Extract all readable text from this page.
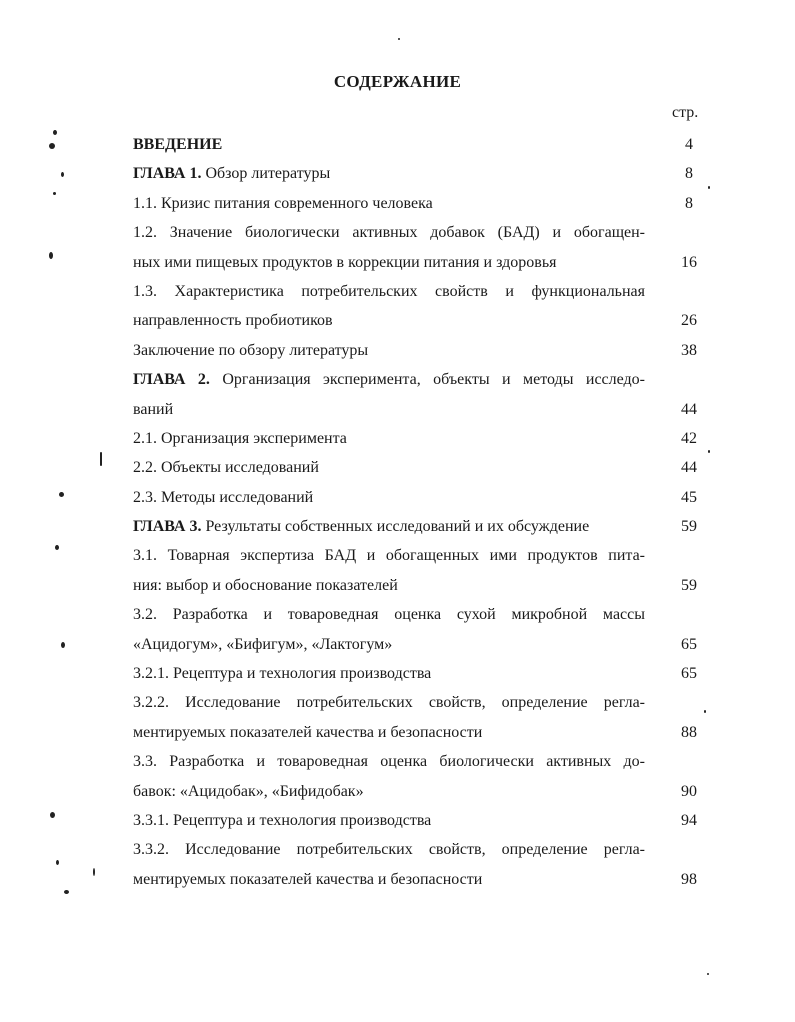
СОДЕРЖАНИЕ
стр.
ВВЕДЕНИЕ	4
ГЛАВА 1. Обзор литературы	8
1.1. Кризис питания современного человека	8
1.2. Значение биологически активных добавок (БАД) и обогащен-
ных ими пищевых продуктов в коррекции питания и здоровья	16
1.3. Характеристика потребительских свойств и функциональная
направленность пробиотиков	26
Заключение по обзору литературы	38
ГЛАВА 2. Организация эксперимента, объекты и методы исследо-
ваний	44
2.1. Организация эксперимента	42
2.2. Объекты исследований	44
2.3. Методы исследований	45
ГЛАВА 3. Результаты собственных исследований и их обсуждение	59
3.1. Товарная экспертиза БАД и обогащенных ими продуктов пита-
ния: выбор и обоснование показателей	59
3.2. Разработка и товароведная оценка сухой микробной массы
«Ацидогум», «Бифигум», «Лактогум»	65
3.2.1. Рецептура и технология производства	65
3.2.2. Исследование потребительских свойств, определение регла-
ментируемых показателей качества и безопасности	88
3.3. Разработка и товароведная оценка биологически активных до-
бавок: «Ацидобак», «Бифидобак»	90
3.3.1. Рецептура и технология производства	94
3.3.2. Исследование потребительских свойств, определение регла-
ментируемых показателей качества и безопасности	98
